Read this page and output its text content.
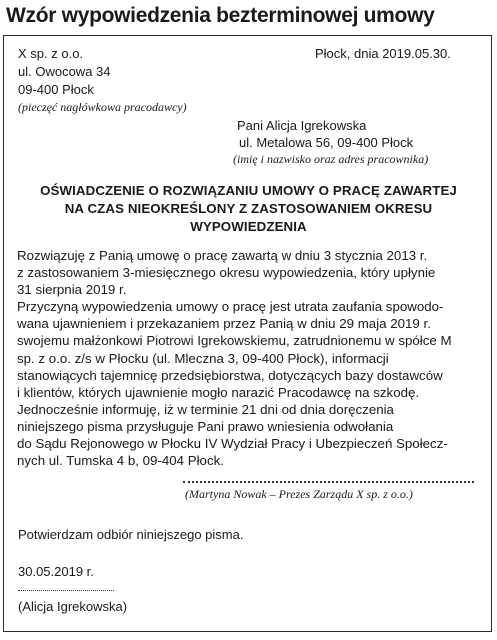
Wzór wypowiedzenia bezterminowej umowy
X sp. z o.o.
ul. Owocowa 34
09-400 Płock
(pieczęć nagłówkowa pracodawcy)
Płock, dnia 2019.05.30.
Pani Alicja Igrekowska
ul. Metalowa 56, 09-400 Płock
(imię i nazwisko oraz adres pracownika)
OŚWIADCZENIE O ROZWIĄZANIU UMOWY O PRACĘ ZAWARTEJ
NA CZAS NIEOKREŚLONY Z ZASTOSOWANIEM OKRESU
WYPOWIEDZENIA
Rozwiązuję z Panią umowę o pracę zawartą w dniu 3 stycznia 2013 r.
z zastosowaniem 3-miesięcznego okresu wypowiedzenia, który upłynie
31 sierpnia 2019 r.
Przyczyną wypowiedzenia umowy o pracę jest utrata zaufania spowodo-
wana ujawnieniem i przekazaniem przez Panią w dniu 29 maja 2019 r.
swojemu małżonkowi Piotrowi Igrekowskiemu, zatrudnionemu w spółce M
sp. z o.o. z/s w Płocku (ul. Mleczna 3, 09-400 Płock), informacji
stanowiących tajemnicę przedsiębiorstwa, dotyczących bazy dostawców
i klientów, których ujawnienie mogło narazić Pracodawcę na szkodę.
Jednocześnie informuję, iż w terminie 21 dni od dnia doręczenia
niniejszego pisma przysługuje Pani prawo wniesienia odwołania
do Sądu Rejonowego w Płocku IV Wydział Pracy i Ubezpieczeń Społecz-
nych ul. Tumska 4 b, 09-404 Płock.
(Martyna Nowak – Prezes Zarządu X sp. z o.o.)
Potwierdzam odbiór niniejszego pisma.
30.05.2019 r.
(Alicja Igrekowska)
